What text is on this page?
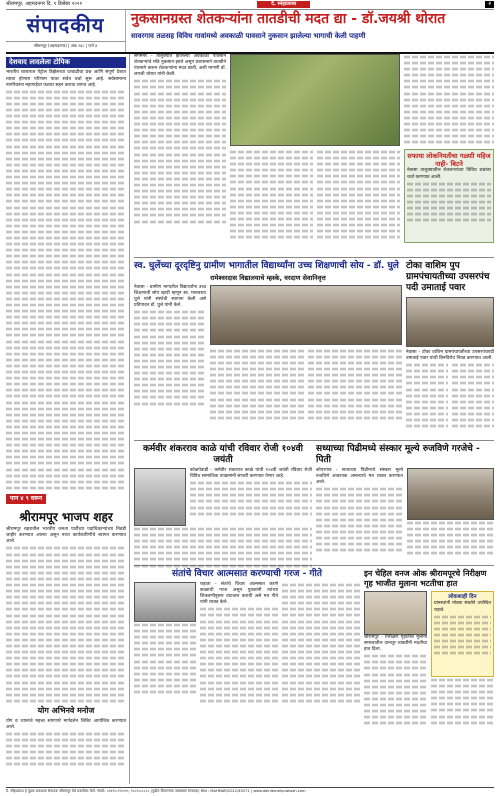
श्रीरामपूर, अहमदनगर दि. १ डिसेंबर २०२१	दै. स्नेहप्रकाश	२
संपादकीय
श्रीरामपूर (अहमदनगर) | अंक २४८ | पाने ४
नुकसानग्रस्त शेतकऱ्यांना तातडीची मदत द्या - डॉ.जयश्री थोरात
सावरगाव तळसह विविध गावांमध्ये अवकाळी पावसाने नुकसान झालेल्या भागाची केली पाहणी
देशवाद लादलेला टोपिक
भारतीय बाजारात पेट्रोल डिझेलच्या दरवाढीचा प्रश्न आणि संपूर्ण देशात त्याचा होणारा परिणाम यावर सर्वत्र चर्चा सुरू आहे. सर्वसामान्य नागरिकांना महागाईचा फटका सहन करावा लागत आहे.
पान ४ ९ वरून
श्रीरामपूर भाजप शहर
श्रीरामपूर शहरातील भारतीय जनता पार्टीच्या पदाधिकाऱ्यांच्या निवडी जाहीर करण्यात आल्या असून नव्या कार्यकारिणीचे स्वागत करण्यात आले.
योग अभिनवे मनोज
योग व ध्यानाचे महत्त्व सांगणारे मार्गदर्शन शिबिर आयोजित करण्यात आले.
संगमनेर - तालुक्यात झालेल्या अवकाळी पावसाने शेतकऱ्यांचे मोठे नुकसान झाले असून प्रशासनाने तातडीने पंचनामे करून शेतकऱ्यांना मदत द्यावी, अशी मागणी डॉ. जयश्री थोरात यांनी केली.
सफाया लोकनियतीचा गळ्याी महिज नाही- बिटने
नेवासा तालुक्यातील शेतकऱ्यांच्या विविध प्रश्नांवर चर्चा करण्यात आली.
स्व. घुलेंच्या दूरदृष्टिनु ग्रामीण भागातील विद्यार्थ्यांना उच्च शिक्षणाची सोय - डॉ. घुले
रामेश्वरदास विद्यालयाचे म्हस्के, वरदाण सेवानिवृत्त
नेवासा - ग्रामीण भागातील विद्यार्थ्यांना उच्च शिक्षणाची सोय व्हावी म्हणून स्व. मारुतराव घुले यांनी संस्थेची स्थापना केली असे प्रतिपादन डॉ. घुले यांनी केले.
टोका वाशिम पुप ग्रामपंचायतीच्या उपसरपंच पदी उमाताई पवार
नेवासा - टोका वाशिम ग्रामपंचायतीच्या उपसरपंचपदी उमाताई पवार यांची बिनविरोध निवड करण्यात आली.
कर्मवीर शंकरराव काळे यांची रविवार रोजी १०४वी जयंती
कोळपेवाडी - कर्मवीर शंकरराव काळे यांची १०४वी जयंती रविवार रोजी विविध सामाजिक उपक्रमांनी साजरी करण्यात येणार आहे.
सध्याच्या पिढीमध्ये संस्कार मूल्ये रुजविणे गरजेचे - पिती
कोपरगाव - सध्याच्या पिढीमध्ये संस्कार मूल्ये रुजविणे आवश्यक असल्याचे मत व्यक्त करण्यात आले.
संतांचे विचार आत्मसात करण्याची गरज - गीते
राहाता - संतांचे विचार आत्मसात करणे काळाची गरज असून युवकांनी त्यांच्या शिकवणीनुसार वाटचाल करावी असे मत गीते यांनी व्यक्त केले.
इन चेहिल वनज ओक श्रीरामपूरचे निरीक्षण गृह भाजीत मुलाना भटतीचा हात
श्रीरामपूर - निरीक्षण गृहातील मुलांना समाजातील दानशूर व्यक्तींनी मदतीचा हात दिला.
लोकशाही दिन
ग्रामस्थांनी मोठ्या संख्येने उपस्थित राहावे.
दै. स्नेहप्रकाश हे मुद्रक प्रकाशक संपादक श्रीरामपूर येथे प्रकाशित केले. संपर्क: ०२४२२-२९२०२०, ९८८१८८८८८८ (पुढील विवरणांचा जबाबदार संपादक) RNI : MAHMAR/2012/49271 | www.dainiksnehprakash.com
